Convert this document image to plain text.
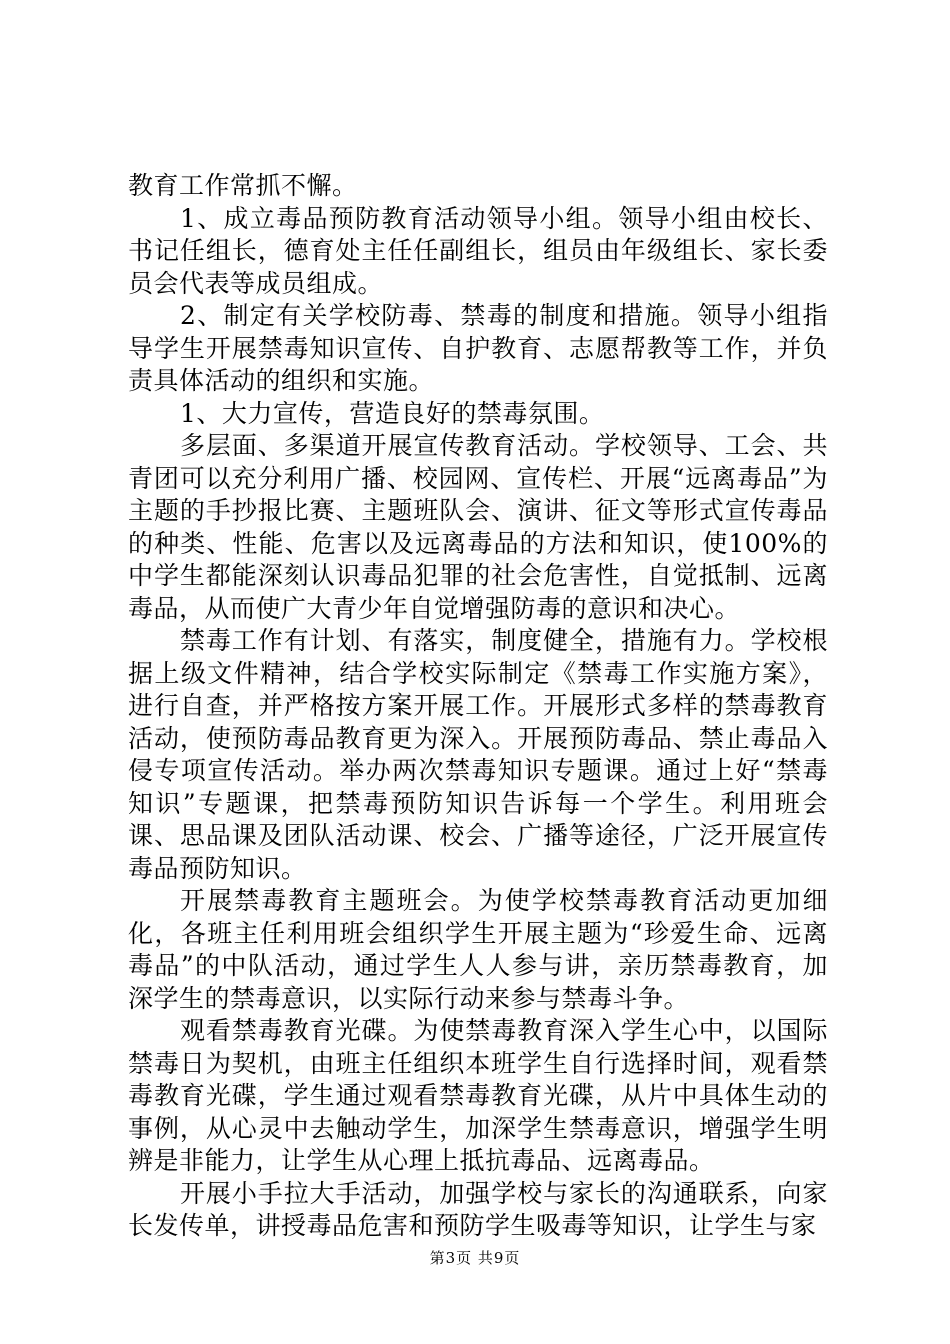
教育工作常抓不懈。

1、成立毒品预防教育活动领导小组。领导小组由校长、书记任组长，德育处主任任副组长，组员由年级组长、家长委员会代表等成员组成。

2、制定有关学校防毒、禁毒的制度和措施。领导小组指导学生开展禁毒知识宣传、自护教育、志愿帮教等工作，并负责具体活动的组织和实施。

1、大力宣传，营造良好的禁毒氛围。

多层面、多渠道开展宣传教育活动。学校领导、工会、共青团可以充分利用广播、校园网、宣传栏、开展“远离毒品”为主题的手抄报比赛、主题班队会、演讲、征文等形式宣传毒品的种类、性能、危害以及远离毒品的方法和知识，使100%的中学生都能深刻认识毒品犯罪的社会危害性，自觉抵制、远离毒品，从而使广大青少年自觉增强防毒的意识和决心。

禁毒工作有计划、有落实，制度健全，措施有力。学校根据上级文件精神，结合学校实际制定《禁毒工作实施方案》，进行自查，并严格按方案开展工作。开展形式多样的禁毒教育活动，使预防毒品教育更为深入。开展预防毒品、禁止毒品入侵专项宣传活动。举办两次禁毒知识专题课。通过上好“禁毒知识”专题课，把禁毒预防知识告诉每一个学生。利用班会课、思品课及团队活动课、校会、广播等途径，广泛开展宣传毒品预防知识。

开展禁毒教育主题班会。为使学校禁毒教育活动更加细化，各班主任利用班会组织学生开展主题为“珍爱生命、远离毒品”的中队活动，通过学生人人参与讲，亲历禁毒教育，加深学生的禁毒意识，以实际行动来参与禁毒斗争。

观看禁毒教育光碟。为使禁毒教育深入学生心中，以国际禁毒日为契机，由班主任组织本班学生自行选择时间，观看禁毒教育光碟，学生通过观看禁毒教育光碟，从片中具体生动的事例，从心灵中去触动学生，加深学生禁毒意识，增强学生明辨是非能力，让学生从心理上抵抗毒品、远离毒品。

开展小手拉大手活动，加强学校与家长的沟通联系，向家长发传单，讲授毒品危害和预防学生吸毒等知识，让学生与家

第3页 共9页
